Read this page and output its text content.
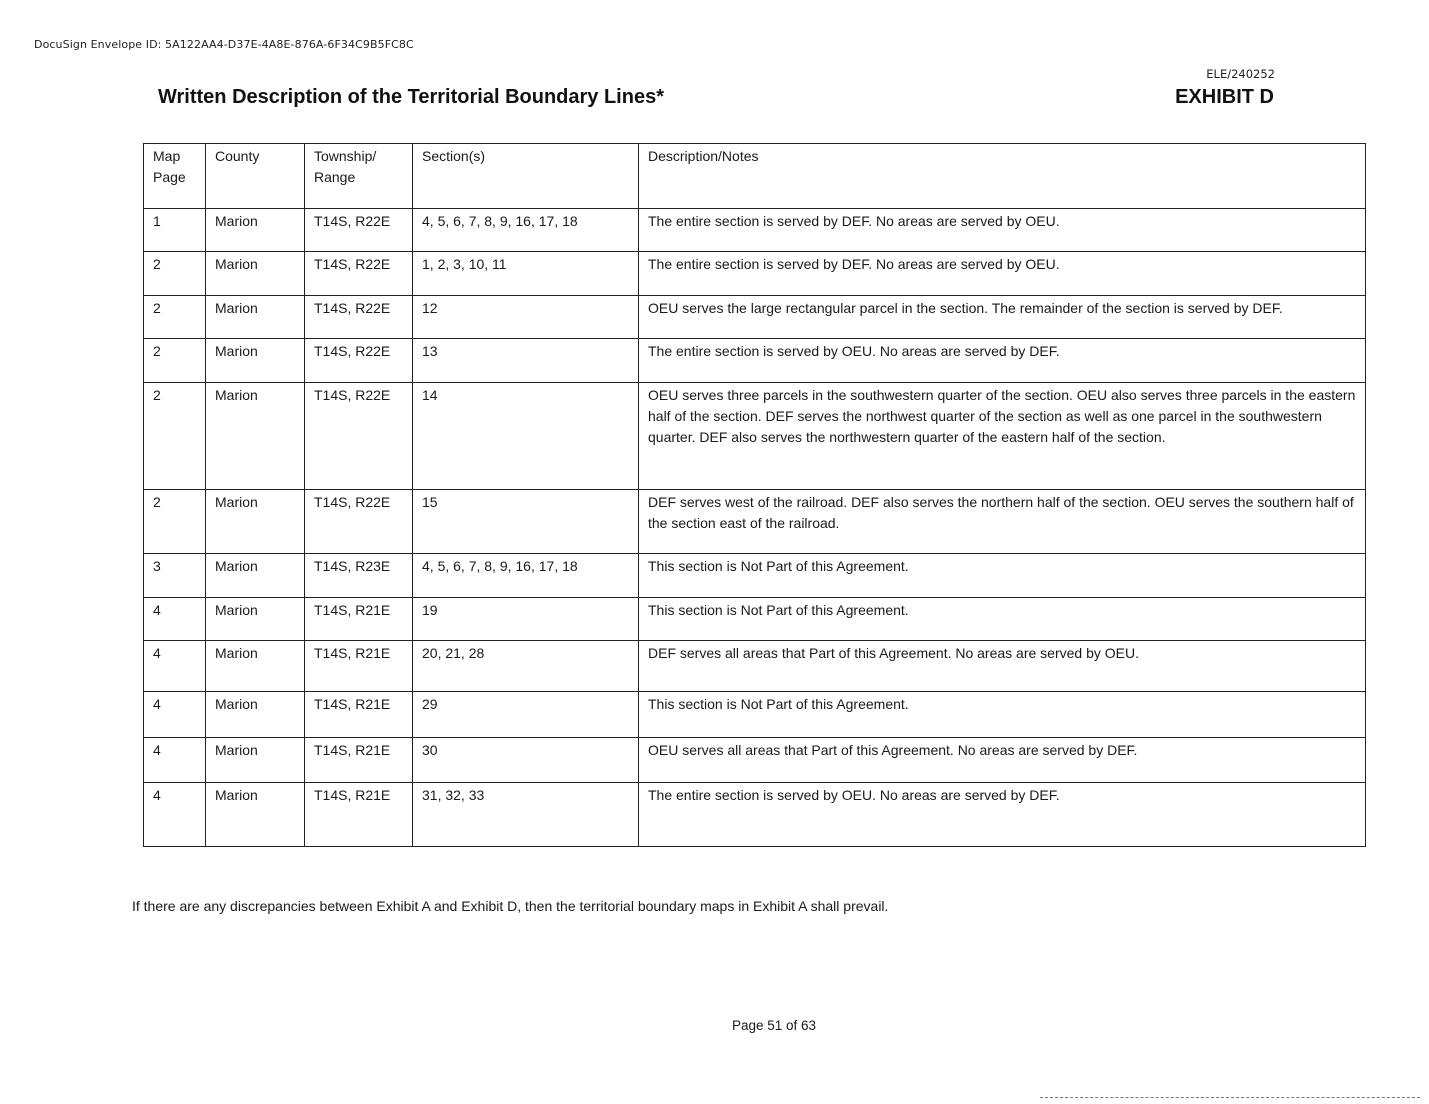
DocuSign Envelope ID: 5A122AA4-D37E-4A8E-876A-6F34C9B5FC8C
ELE/240252
Written Description of the Territorial Boundary Lines*	EXHIBIT D
Map Page	County	Township/ Range	Section(s)	Description/Notes
1	Marion	T14S, R22E	4, 5, 6, 7, 8, 9, 16, 17, 18	The entire section is served by DEF. No areas are served by OEU.
2	Marion	T14S, R22E	1, 2, 3, 10, 11	The entire section is served by DEF. No areas are served by OEU.
2	Marion	T14S, R22E	12	OEU serves the large rectangular parcel in the section. The remainder of the section is served by DEF.
2	Marion	T14S, R22E	13	The entire section is served by OEU. No areas are served by DEF.
2	Marion	T14S, R22E	14	OEU serves three parcels in the southwestern quarter of the section. OEU also serves three parcels in the eastern half of the section. DEF serves the northwest quarter of the section as well as one parcel in the southwestern quarter. DEF also serves the northwestern quarter of the eastern half of the section.
2	Marion	T14S, R22E	15	DEF serves west of the railroad. DEF also serves the northern half of the section. OEU serves the southern half of the section east of the railroad.
3	Marion	T14S, R23E	4, 5, 6, 7, 8, 9, 16, 17, 18	This section is Not Part of this Agreement.
4	Marion	T14S, R21E	19	This section is Not Part of this Agreement.
4	Marion	T14S, R21E	20, 21, 28	DEF serves all areas that Part of this Agreement. No areas are served by OEU.
4	Marion	T14S, R21E	29	This section is Not Part of this Agreement.
4	Marion	T14S, R21E	30	OEU serves all areas that Part of this Agreement. No areas are served by DEF.
4	Marion	T14S, R21E	31, 32, 33	The entire section is served by OEU. No areas are served by DEF.
If there are any discrepancies between Exhibit A and Exhibit D, then the territorial boundary maps in Exhibit A shall prevail.
Page 51 of 63
